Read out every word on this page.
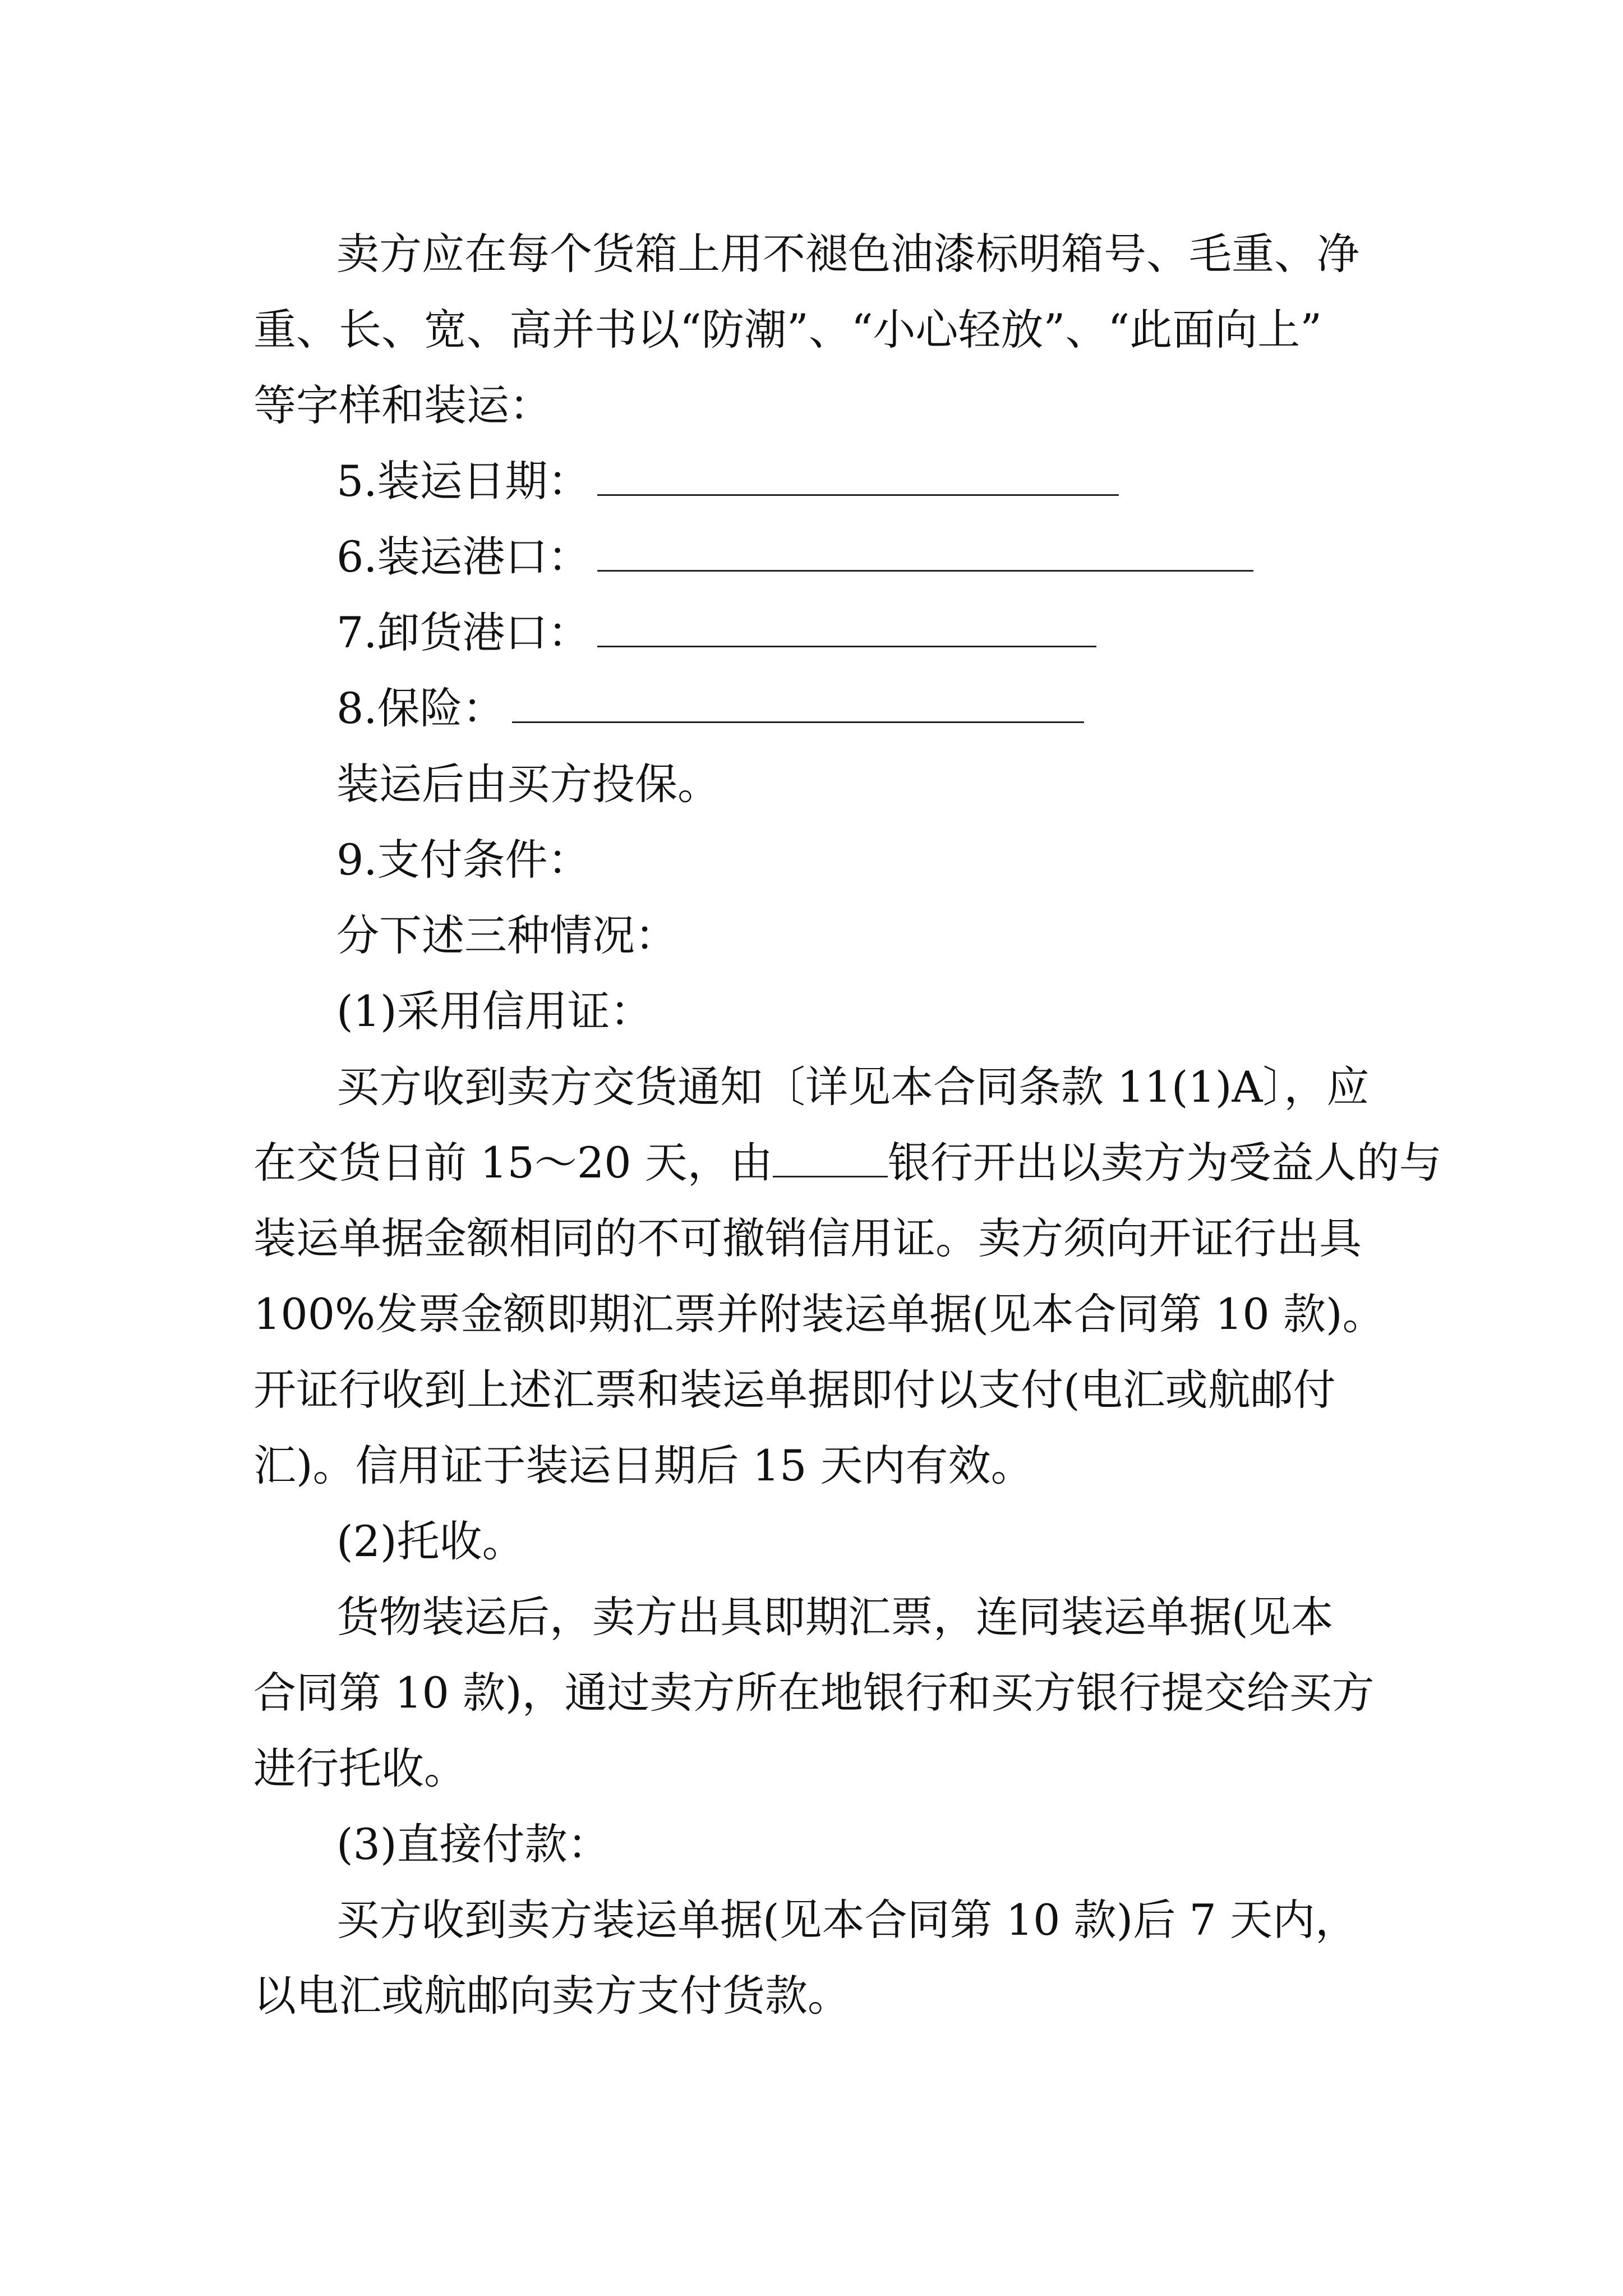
卖方应在每个货箱上用不褪色油漆标明箱号、毛重、净
重、长、宽、高并书以“防潮”、“小心轻放”、“此面向上”
等字样和装运：
5.装运日期：
6.装运港口：
7.卸货港口：
8.保险：
装运后由买方投保。
9.支付条件：
分下述三种情况：
(1)采用信用证：
买方收到卖方交货通知〔详见本合同条款 11(1)A〕，应
在交货日前 15～20 天，由	银行开出以卖方为受益人的与
装运单据金额相同的不可撤销信用证。卖方须向开证行出具
100%发票金额即期汇票并附装运单据(见本合同第 10 款)。
开证行收到上述汇票和装运单据即付以支付(电汇或航邮付
汇)。信用证于装运日期后 15 天内有效。
(2)托收。
货物装运后，卖方出具即期汇票，连同装运单据(见本
合同第 10 款)，通过卖方所在地银行和买方银行提交给买方
进行托收。
(3)直接付款：
买方收到卖方装运单据(见本合同第 10 款)后 7 天内，
以电汇或航邮向卖方支付货款。
